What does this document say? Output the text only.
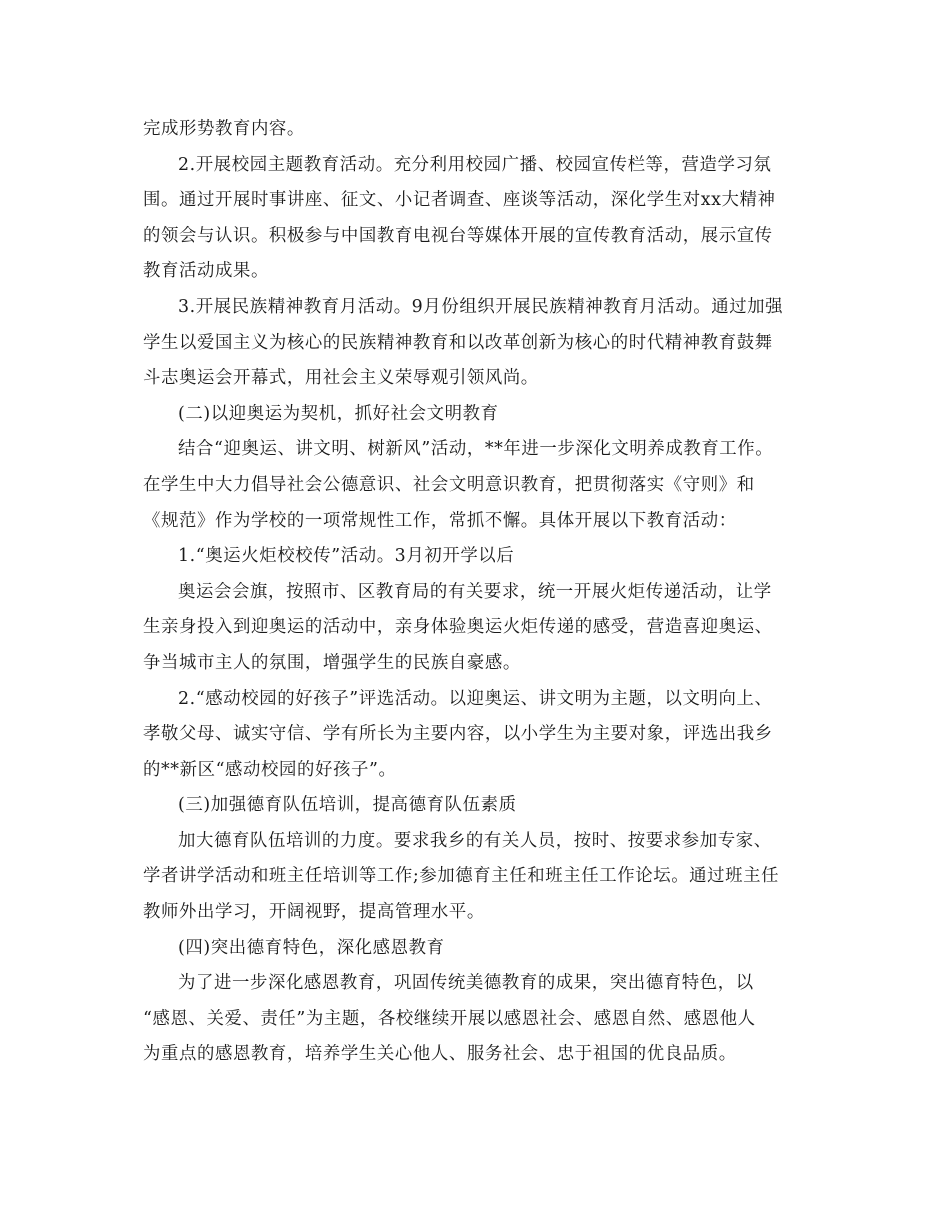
完成形势教育内容。
2.开展校园主题教育活动。充分利用校园广播、校园宣传栏等，营造学习氛
围。通过开展时事讲座、征文、小记者调查、座谈等活动，深化学生对xx大精神
的领会与认识。积极参与中国教育电视台等媒体开展的宣传教育活动，展示宣传
教育活动成果。
3.开展民族精神教育月活动。9月份组织开展民族精神教育月活动。通过加强
学生以爱国主义为核心的民族精神教育和以改革创新为核心的时代精神教育鼓舞
斗志奥运会开幕式，用社会主义荣辱观引领风尚。
(二)以迎奥运为契机，抓好社会文明教育
结合“迎奥运、讲文明、树新风”活动，**年进一步深化文明养成教育工作。
在学生中大力倡导社会公德意识、社会文明意识教育，把贯彻落实《守则》和
《规范》作为学校的一项常规性工作，常抓不懈。具体开展以下教育活动：
1.“奥运火炬校校传”活动。3月初开学以后
奥运会会旗，按照市、区教育局的有关要求，统一开展火炬传递活动，让学
生亲身投入到迎奥运的活动中，亲身体验奥运火炬传递的感受，营造喜迎奥运、
争当城市主人的氛围，增强学生的民族自豪感。
2.“感动校园的好孩子”评选活动。以迎奥运、讲文明为主题，以文明向上、
孝敬父母、诚实守信、学有所长为主要内容，以小学生为主要对象，评选出我乡
的**新区“感动校园的好孩子”。
(三)加强德育队伍培训，提高德育队伍素质
加大德育队伍培训的力度。要求我乡的有关人员，按时、按要求参加专家、
学者讲学活动和班主任培训等工作;参加德育主任和班主任工作论坛。通过班主任
教师外出学习，开阔视野，提高管理水平。
(四)突出德育特色，深化感恩教育
为了进一步深化感恩教育，巩固传统美德教育的成果，突出德育特色，以
“感恩、关爱、责任”为主题，各校继续开展以感恩社会、感恩自然、感恩他人
为重点的感恩教育，培养学生关心他人、服务社会、忠于祖国的优良品质。
